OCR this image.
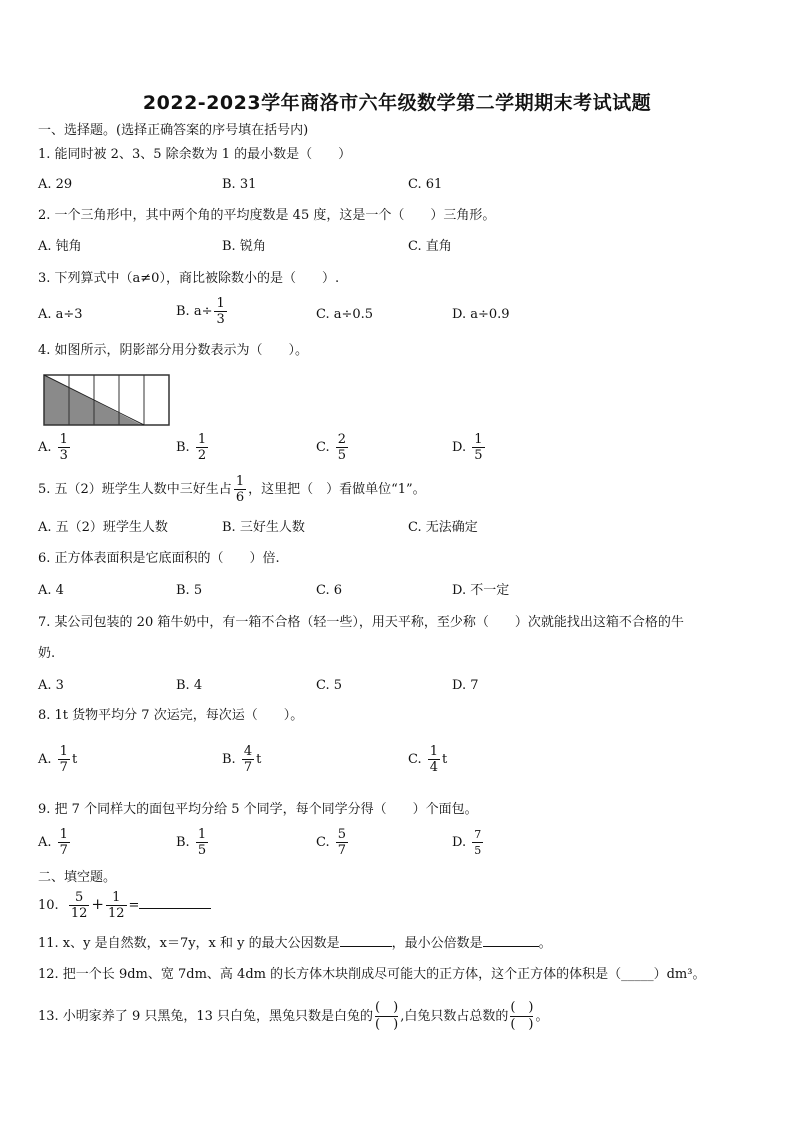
2022-2023学年商洛市六年级数学第二学期期末考试试题
一、选择题。(选择正确答案的序号填在括号内)
1. 能同时被 2、3、5 除余数为 1 的最小数是（　　）
A. 29	B. 31	C. 61
2. 一个三角形中，其中两个角的平均度数是 45 度，这是一个（　　）三角形。
A. 钝角	B. 锐角	C. 直角
3. 下列算式中（a≠0），商比被除数小的是（　　）.
A. a÷3	B. $a\div \frac{1}{3}$	C. a÷0.5	D. a÷0.9
4. 如图所示，阴影部分用分数表示为（　　）。
A. $\frac{1}{3}$	B. $\frac{1}{2}$	C. $\frac{2}{5}$	D. $\frac{1}{5}$
5. 五（2）班学生人数中三好生占 $\frac{1}{6}$ ，这里把（　）看做单位“1”。
A. 五（2）班学生人数	B. 三好生人数	C. 无法确定
6. 正方体表面积是它底面积的（　　）倍.
A. 4	B. 5	C. 6	D. 不一定
7. 某公司包装的 20 箱牛奶中，有一箱不合格（轻一些），用天平称，至少称（　　）次就能找出这箱不合格的牛
奶.
A. 3	B. 4	C. 5	D. 7
8. 1t 货物平均分 7 次运完，每次运（　　）。
A. $\frac{1}{7}$ t	B. $\frac{4}{7}$ t	C. $\frac{1}{4}$ t
9. 把 7 个同样大的面包平均分给 5 个同学，每个同学分得（　　）个面包。
A. $\frac{1}{7}$	B. $\frac{1}{5}$	C. $\frac{5}{7}$	D. $\frac{7}{5}$
二、填空题。
10. $\frac{5}{12} + \frac{1}{12}$ =
11. x、y 是自然数，x＝7y，x 和 y 的最大公因数是	，最小公倍数是	。
12. 把一个长 9dm、宽 7dm、高 4dm 的长方体木块削成尽可能大的正方体，这个正方体的体积是（_____）dm³。
13. 小明家养了 9 只黑兔，13 只白兔，黑兔只数是白兔的 $\frac{( )}{( )}$ ,白兔只数占总数的 $\frac{( )}{( )}$ 。
